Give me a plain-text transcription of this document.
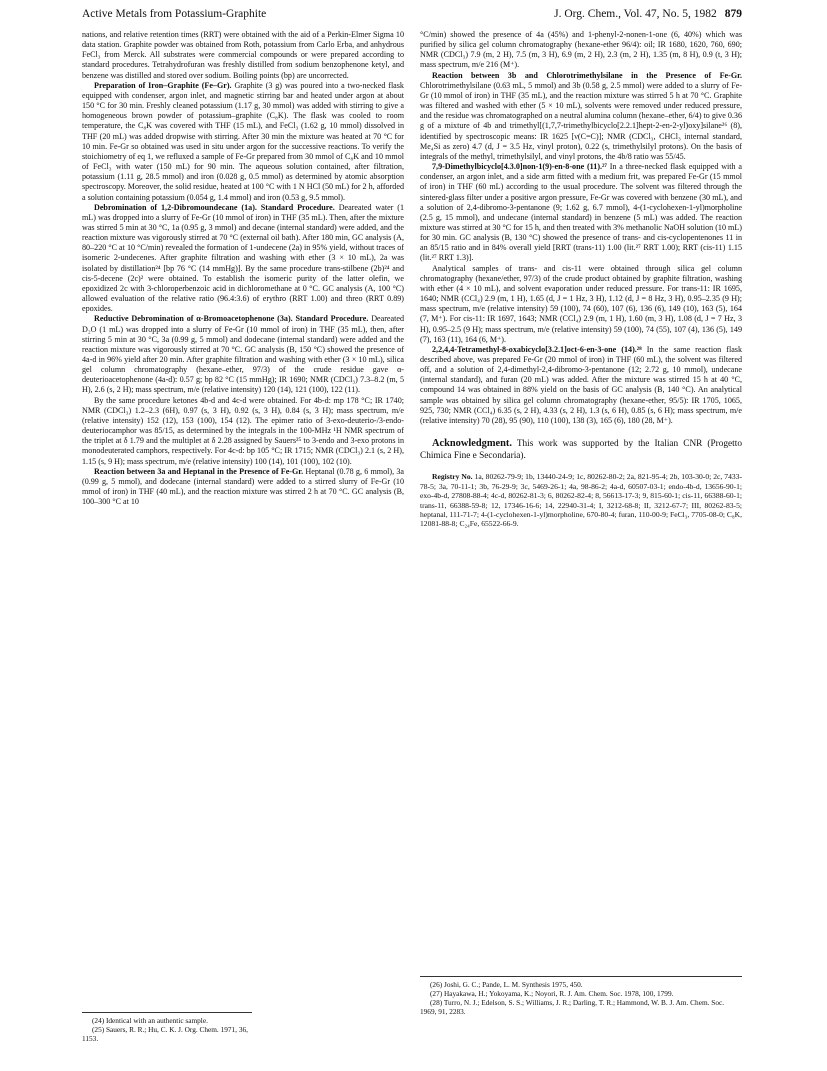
Active Metals from Potassium-Graphite	J. Org. Chem., Vol. 47, No. 5, 1982 879

nations, and relative retention times (RRT) were obtained with the aid of a Perkin-Elmer Sigma 10 data station. Graphite powder was obtained from Roth, potassium from Carlo Erba, and anhydrous FeCl₃ from Merck. All substrates were commercial compounds or were prepared according to standard procedures. Tetrahydrofuran was freshly distilled from sodium benzophenone ketyl, and benzene was distilled and stored over sodium. Boiling points (bp) are uncorrected.

Preparation of Iron–Graphite (Fe–Gr). Graphite (3 g) was poured into a two-necked flask equipped with condenser, argon inlet, and magnetic stirring bar and heated under argon at about 150 °C for 30 min. Freshly cleaned potassium (1.17 g, 30 mmol) was added with stirring to give a homogeneous brown powder of potassium–graphite (C₈K). The flask was cooled to room temperature, the C₈K was covered with THF (15 mL), and FeCl₃ (1.62 g, 10 mmol) dissolved in THF (20 mL) was added dropwise with stirring. After 30 min the mixture was heated at 70 °C for 10 min. Fe-Gr so obtained was used in situ under argon for the successive reactions. To verify the stoichiometry of eq 1, we refluxed a sample of Fe-Gr prepared from 30 mmol of C₈K and 10 mmol of FeCl₃ with water (150 mL) for 90 min. The aqueous solution contained, after filtration, potassium (1.11 g, 28.5 mmol) and iron (0.028 g, 0.5 mmol) as determined by atomic absorption spectroscopy. Moreover, the solid residue, heated at 100 °C with 1 N HCl (50 mL) for 2 h, afforded a solution containing potassium (0.054 g, 1.4 mmol) and iron (0.53 g, 9.5 mmol).

Debromination of 1,2-Dibromoundecane (1a). Standard Procedure. Deareated water (1 mL) was dropped into a slurry of Fe-Gr (10 mmol of iron) in THF (35 mL). Then, after the mixture was stirred 5 min at 30 °C, 1a (0.95 g, 3 mmol) and decane (internal standard) were added, and the reaction mixture was vigorously stirred at 70 °C (external oil bath). After 180 min, GC analysis (A, 80–220 °C at 10 °C/min) revealed the formation of 1-undecene (2a) in 95% yield, without traces of isomeric 2-undecenes. After graphite filtration and washing with ether (3 × 10 mL), 2a was isolated by distillation²⁴ [bp 76 °C (14 mmHg)]. By the same procedure trans-stilbene (2b)²⁴ and cis-5-decene (2c)² were obtained. To establish the isomeric purity of the latter olefin, we epoxidized 2c with 3-chloroperbenzoic acid in dichloromethane at 0 °C. GC analysis (A, 100 °C) allowed evaluation of the relative ratio (96.4:3.6) of erythro (RRT 1.00) and threo (RRT 0.89) epoxides.

Reductive Debromination of α-Bromoacetophenone (3a). Standard Procedure. Deareated D₂O (1 mL) was dropped into a slurry of Fe-Gr (10 mmol of iron) in THF (35 mL), then, after stirring 5 min at 30 °C, 3a (0.99 g, 5 mmol) and dodecane (internal standard) were added and the reaction mixture was vigorously stirred at 70 °C. GC analysis (B, 150 °C) showed the presence of 4a-d in 96% yield after 20 min. After graphite filtration and washing with ether (3 × 10 mL), silica gel column chromatography (hexane–ether, 97/3) of the crude residue gave α-deuterioacetophenone (4a-d): 0.57 g; bp 82 °C (15 mmHg); IR 1690; NMR (CDCl₃) 7.3–8.2 (m, 5 H), 2.6 (s, 2 H); mass spectrum, m/e (relative intensity) 120 (14), 121 (100), 122 (11).

By the same procedure ketones 4b-d and 4c-d were obtained. For 4b-d: mp 178 °C; IR 1740; NMR (CDCl₃) 1.2–2.3 (6H), 0.97 (s, 3 H), 0.92 (s, 3 H), 0.84 (s, 3 H); mass spectrum, m/e (relative intensity) 152 (12), 153 (100), 154 (12). The epimer ratio of 3-exo-deuterio-/3-endo-deuteriocamphor was 85/15, as determined by the integrals in the 100-MHz ¹H NMR spectrum of the triplet at δ 1.79 and the multiplet at δ 2.28 assigned by Sauers²⁵ to 3-endo and 3-exo protons in monodeuterated camphors, respectively. For 4c-d: bp 105 °C; IR 1715; NMR (CDCl₃) 2.1 (s, 2 H), 1.15 (s, 9 H); mass spectrum, m/e (relative intensity) 100 (14), 101 (100), 102 (10).

Reaction between 3a and Heptanal in the Presence of Fe-Gr. Heptanal (0.78 g, 6 mmol), 3a (0.99 g, 5 mmol), and dodecane (internal standard) were added to a stirred slurry of Fe-Gr (10 mmol of iron) in THF (40 mL), and the reaction mixture was stirred 2 h at 70 °C. GC analysis (B, 100–300 °C at 10

°C/min) showed the presence of 4a (45%) and 1-phenyl-2-nonen-1-one (6, 40%) which was purified by silica gel column chromatography (hexane-ether 96/4): oil; IR 1680, 1620, 760, 690; NMR (CDCl₃) 7.9 (m, 2 H), 7.5 (m, 3 H), 6.9 (m, 2 H), 2.3 (m, 2 H), 1.35 (m, 8 H), 0.9 (t, 3 H); mass spectrum, m/e 216 (M⁺).

Reaction between 3b and Chlorotrimethylsilane in the Presence of Fe-Gr. Chlorotrimethylsilane (0.63 mL, 5 mmol) and 3b (0.58 g, 2.5 mmol) were added to a slurry of Fe-Gr (10 mmol of iron) in THF (35 mL), and the reaction mixture was stirred 5 h at 70 °C. Graphite was filtered and washed with ether (5 × 10 mL), solvents were removed under reduced pressure, and the residue was chromatographed on a neutral alumina column (hexane–ether, 6/4) to give 0.36 g of a mixture of 4b and trimethyl[(1,7,7-trimethylbicyclo[2.2.1]hept-2-en-2-yl)oxy]silane²⁶ (8), identified by spectroscopic means: IR 1625 [ν(C=C)]; NMR (CDCl₃, CHCl₃ internal standard, Me₄Si as zero) 4.7 (d, J = 3.5 Hz, vinyl proton), 0.22 (s, trimethylsilyl protons). On the basis of integrals of the methyl, trimethylsilyl, and vinyl protons, the 4b/8 ratio was 55/45.

7,9-Dimethylbicyclo[4.3.0]non-1(9)-en-8-one (11).²⁷ In a three-necked flask equipped with a condenser, an argon inlet, and a side arm fitted with a medium frit, was prepared Fe-Gr (15 mmol of iron) in THF (60 mL) according to the usual procedure. The solvent was filtered through the sintered-glass filter under a positive argon pressure, Fe-Gr was covered with benzene (30 mL), and a solution of 2,4-dibromo-3-pentanone (9; 1.62 g, 6.7 mmol), 4-(1-cyclohexen-1-yl)morpholine (2.5 g, 15 mmol), and undecane (internal standard) in benzene (5 mL) was added. The reaction mixture was stirred at 30 °C for 15 h, and then treated with 3% methanolic NaOH solution (10 mL) for 30 min. GC analysis (B, 130 °C) showed the presence of trans- and cis-cyclopentenones 11 in an 85/15 ratio and in 84% overall yield [RRT (trans-11) 1.00 (lit.²⁷ RRT 1.00); RRT (cis-11) 1.15 (lit.²⁷ RRT 1.3)].

Analytical samples of trans- and cis-11 were obtained through silica gel column chromatography (hexane/ether, 97/3) of the crude product obtained by graphite filtration, washing with ether (4 × 10 mL), and solvent evaporation under reduced pressure. For trans-11: IR 1695, 1640; NMR (CCl₄) 2.9 (m, 1 H), 1.65 (d, J = 1 Hz, 3 H), 1.12 (d, J = 8 Hz, 3 H), 0.95–2.35 (9 H); mass spectrum, m/e (relative intensity) 59 (100), 74 (60), 107 (6), 136 (6), 149 (10), 163 (5), 164 (7, M⁺). For cis-11: IR 1697, 1643; NMR (CCl₄) 2.9 (m, 1 H), 1.60 (m, 3 H), 1.08 (d, J = 7 Hz, 3 H), 0.95–2.5 (9 H); mass spectrum, m/e (relative intensity) 59 (100), 74 (55), 107 (4), 136 (5), 149 (7), 163 (11), 164 (6, M⁺).

2,2,4,4-Tetramethyl-8-oxabicyclo[3.2.1]oct-6-en-3-one (14).²⁸ In the same reaction flask described above, was prepared Fe-Gr (20 mmol of iron) in THF (60 mL), the solvent was filtered off, and a solution of 2,4-dimethyl-2,4-dibromo-3-pentanone (12; 2.72 g, 10 mmol), undecane (internal standard), and furan (20 mL) was added. After the mixture was stirred 15 h at 40 °C, compound 14 was obtained in 88% yield on the basis of GC analysis (B, 140 °C). An analytical sample was obtained by silica gel column chromatography (hexane-ether, 95/5): IR 1705, 1065, 925, 730; NMR (CCl₄) 6.35 (s, 2 H), 4.33 (s, 2 H), 1.3 (s, 6 H), 0.85 (s, 6 H); mass spectrum, m/e (relative intensity) 70 (28), 95 (90), 110 (100), 138 (3), 165 (6), 180 (28, M⁺).

Acknowledgment. This work was supported by the Italian CNR (Progetto Chimica Fine e Secondaria).

Registry No. 1a, 80262-79-9; 1b, 13440-24-9; 1c, 80262-80-2; 2a, 821-95-4; 2b, 103-30-0; 2c, 7433-78-5; 3a, 70-11-1; 3b, 76-29-9; 3c, 5469-26-1; 4a, 98-86-2; 4a-d, 60507-03-1; endo-4b-d, 13656-90-1; exo-4b-d, 27808-88-4; 4c-d, 80262-81-3; 6, 80262-82-4; 8, 56613-17-3; 9, 815-60-1; cis-11, 66388-60-1; trans-11, 66388-59-8; 12, 17346-16-6; 14, 22940-31-4; I, 3212-68-8; II, 3212-67-7; III, 80262-83-5; heptanal, 111-71-7; 4-(1-cyclohexen-1-yl)morpholine, 670-80-4; furan, 110-00-9; FeCl₃, 7705-08-0; C₈K, 12081-88-8; C₂₄Fe, 65522-66-9.

(24) Identical with an authentic sample.
(25) Sauers, R. R.; Hu, C. K. J. Org. Chem. 1971, 36, 1153.
(26) Joshi, G. C.; Pande, L. M. Synthesis 1975, 450.
(27) Hayakawa, H.; Yokoyama, K.; Noyori, R. J. Am. Chem. Soc. 1978, 100, 1799.
(28) Turro, N. J.; Edelson, S. S.; Williams, J. R.; Darling, T. R.; Hammond, W. B. J. Am. Chem. Soc. 1969, 91, 2283.
